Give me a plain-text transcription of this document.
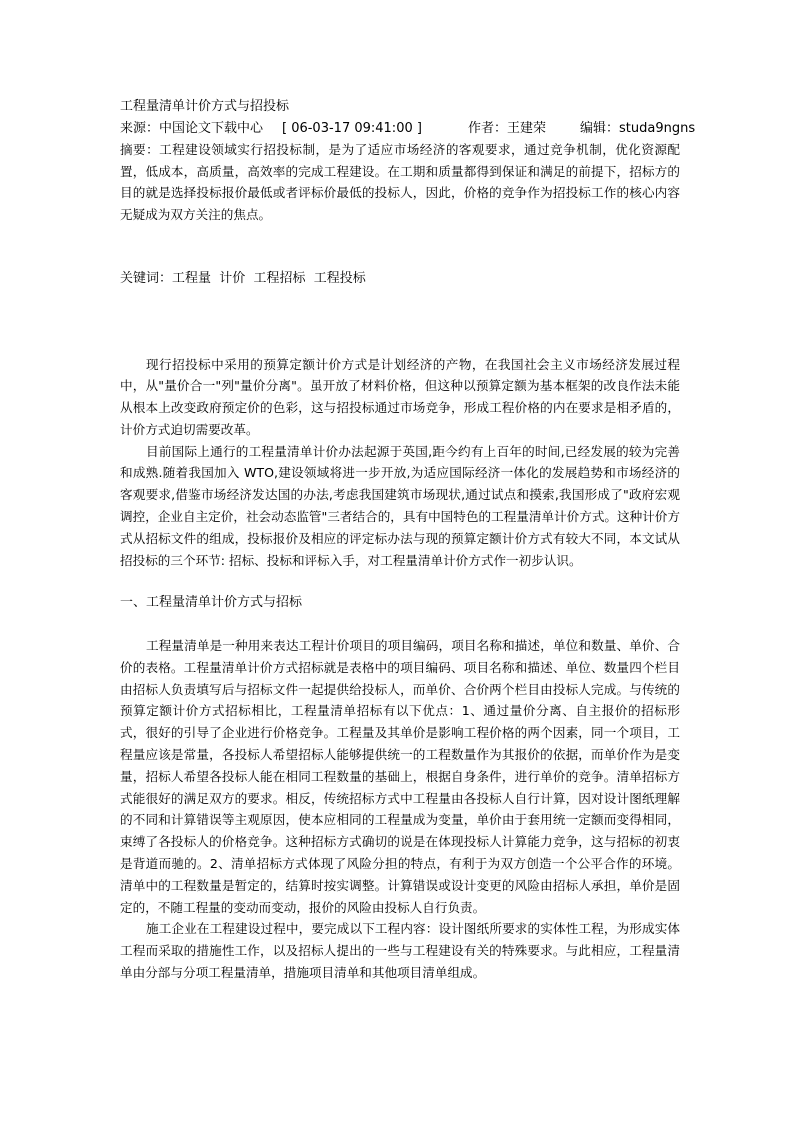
工程量清单计价方式与招投标
来源：中国论文下载中心 [ 06-03-17 09:41:00 ]	作者：王建荣	编辑：studa9ngns

摘要：工程建设领域实行招投标制，是为了适应市场经济的客观要求，通过竞争机制，优化资源配置，低成本，高质量，高效率的完成工程建设。在工期和质量都得到保证和满足的前提下，招标方的目的就是选择投标报价最低或者评标价最低的投标人，因此，价格的竞争作为招投标工作的核心内容无疑成为双方关注的焦点。

关键词：工程量  计价  工程招标  工程投标

现行招投标中采用的预算定额计价方式是计划经济的产物，在我国社会主义市场经济发展过程中，从"量价合一"列"量价分离"。虽开放了材料价格，但这种以预算定额为基本框架的改良作法未能从根本上改变政府预定价的色彩，这与招投标通过市场竞争，形成工程价格的内在要求是相矛盾的，计价方式迫切需要改革。

目前国际上通行的工程量清单计价办法起源于英国,距今约有上百年的时间,已经发展的较为完善和成熟.随着我国加入 WTO,建设领域将进一步开放,为适应国际经济一体化的发展趋势和市场经济的客观要求,借鉴市场经济发达国的办法,考虑我国建筑市场现状,通过试点和摸索,我国形成了"政府宏观调控，企业自主定价，社会动态监管"三者结合的，具有中国特色的工程量清单计价方式。这种计价方式从招标文件的组成，投标报价及相应的评定标办法与现的预算定额计价方式有较大不同，本文试从招投标的三个环节: 招标、投标和评标入手，对工程量清单计价方式作一初步认识。

一、工程量清单计价方式与招标

工程量清单是一种用来表达工程计价项目的项目编码，项目名称和描述，单位和数量、单价、合价的表格。工程量清单计价方式招标就是表格中的项目编码、项目名称和描述、单位、数量四个栏目由招标人负责填写后与招标文件一起提供给投标人，而单价、合价两个栏目由投标人完成。与传统的预算定额计价方式招标相比，工程量清单招标有以下优点：1、通过量价分离、自主报价的招标形式，很好的引导了企业进行价格竞争。工程量及其单价是影响工程价格的两个因素，同一个项目，工程量应该是常量，各投标人希望招标人能够提供统一的工程数量作为其报价的依据，而单价作为是变量，招标人希望各投标人能在相同工程数量的基础上，根据自身条件，进行单价的竞争。清单招标方式能很好的满足双方的要求。相反，传统招标方式中工程量由各投标人自行计算，因对设计图纸理解的不同和计算错误等主观原因，使本应相同的工程量成为变量，单价由于套用统一定额而变得相同，束缚了各投标人的价格竞争。这种招标方式确切的说是在体现投标人计算能力竞争，这与招标的初衷是背道而驰的。2、清单招标方式体现了风险分担的特点，有利于为双方创造一个公平合作的环境。清单中的工程数量是暂定的，结算时按实调整。计算错误或设计变更的风险由招标人承担，单价是固定的，不随工程量的变动而变动，报价的风险由投标人自行负责。

施工企业在工程建设过程中，要完成以下工程内容：设计图纸所要求的实体性工程，为形成实体工程而采取的措施性工作，以及招标人提出的一些与工程建设有关的特殊要求。与此相应，工程量清单由分部与分项工程量清单，措施项目清单和其他项目清单组成。
